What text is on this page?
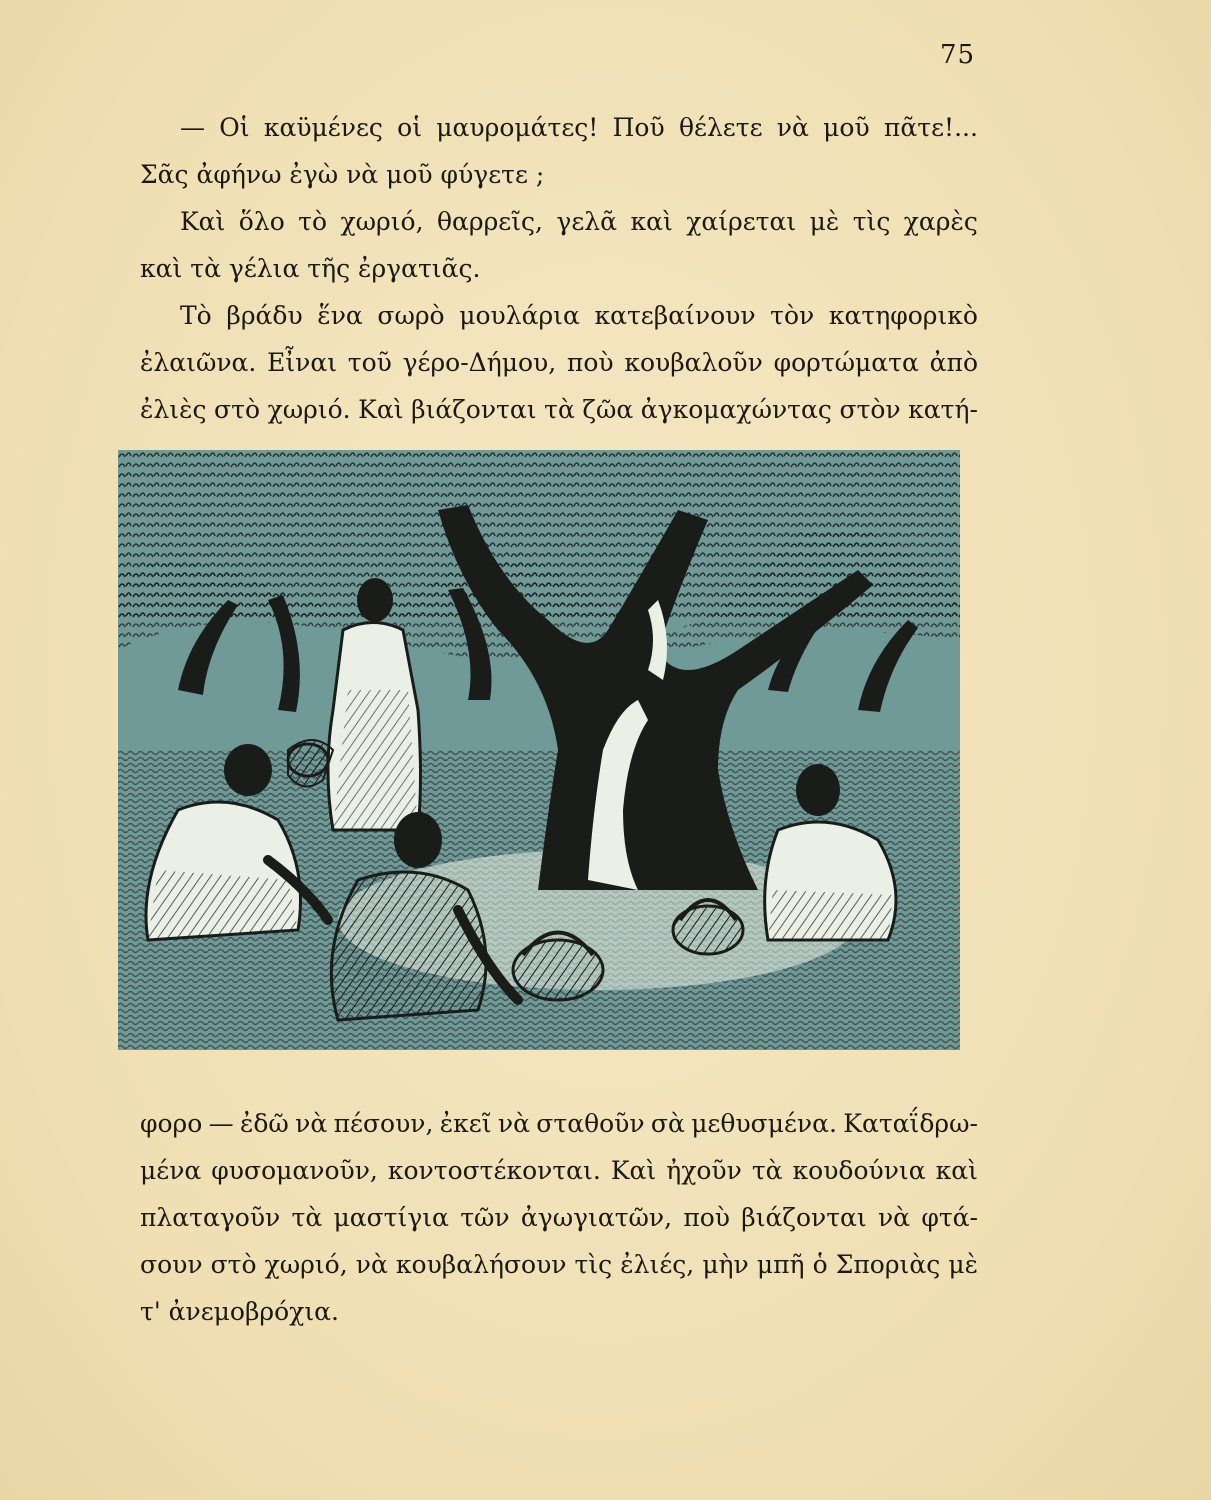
75
— Οἱ καϋμένες οἱ μαυρομάτες! Ποῦ θέλετε νὰ μοῦ πᾶτε!...
Σᾶς ἀφήνω ἐγὼ νὰ μοῦ φύγετε ;
Καὶ ὅλο τὸ χωριό, θαρρεῖς, γελᾶ καὶ χαίρεται μὲ τὶς χαρὲς
καὶ τὰ γέλια τῆς ἐργατιᾶς.
Τὸ βράδυ ἕνα σωρὸ μουλάρια κατεβαίνουν τὸν κατηφορικὸ
ἐλαιῶνα. Εἶναι τοῦ γέρο-Δήμου, ποὺ κουβαλοῦν φορτώματα ἀπὸ
ἐλιὲς στὸ χωριό. Καὶ βιάζονται τὰ ζῶα ἀγκομαχώντας στὸν κατή-
φορο — ἐδῶ νὰ πέσουν, ἐκεῖ νὰ σταθοῦν σὰ μεθυσμένα. Καταΐδρω-
μένα φυσομανοῦν, κοντοστέκονται. Καὶ ἠχοῦν τὰ κουδούνια καὶ
πλαταγοῦν τὰ μαστίγια τῶν ἀγωγιατῶν, ποὺ βιάζονται νὰ φτά-
σουν στὸ χωριό, νὰ κουβαλήσουν τὶς ἐλιές, μὴν μπῆ ὁ Σποριὰς μὲ
τ' ἀνεμοβρόχια.
